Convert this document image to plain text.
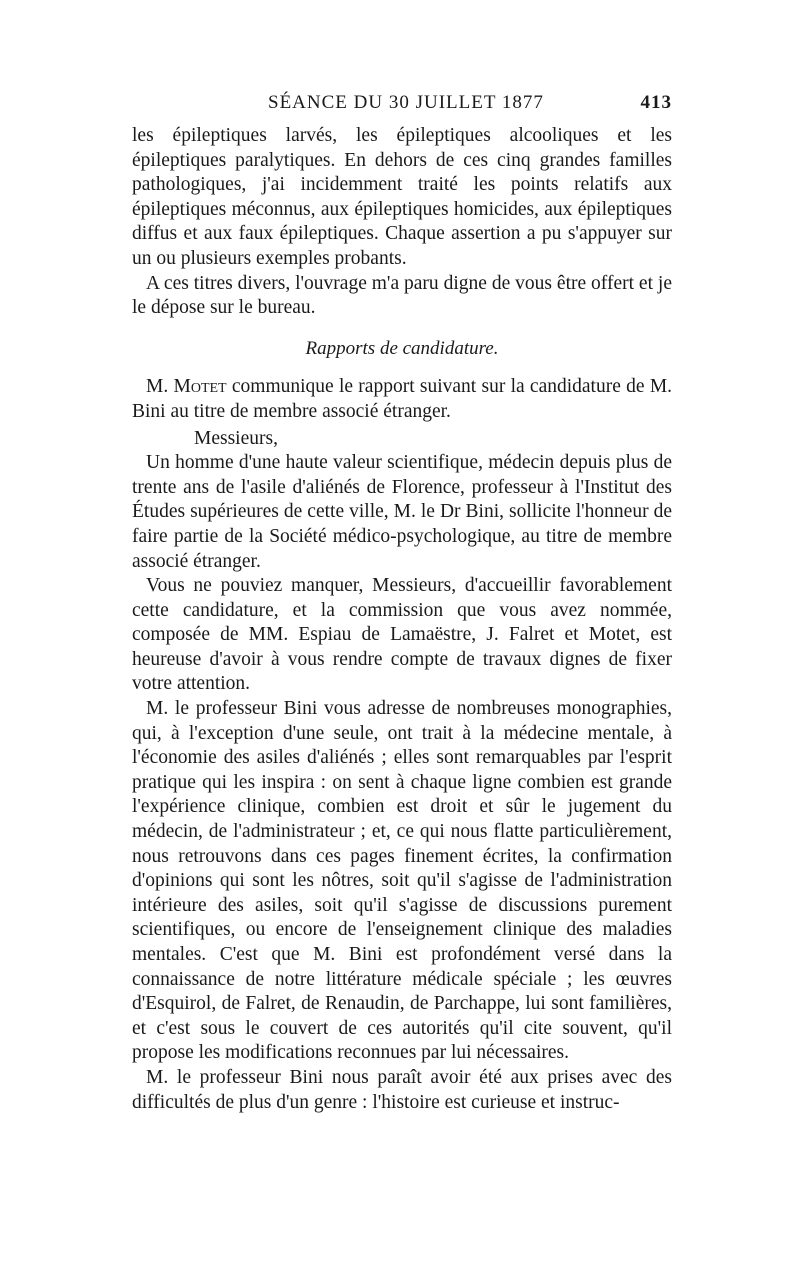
SÉANCE DU 30 JUILLET 1877	413

les épileptiques larvés, les épileptiques alcooliques et les épileptiques paralytiques. En dehors de ces cinq grandes familles pathologiques, j'ai incidemment traité les points relatifs aux épileptiques méconnus, aux épileptiques homicides, aux épileptiques diffus et aux faux épileptiques. Chaque assertion a pu s'appuyer sur un ou plusieurs exemples probants.

A ces titres divers, l'ouvrage m'a paru digne de vous être offert et je le dépose sur le bureau.

Rapports de candidature.

M. Motet communique le rapport suivant sur la candidature de M. Bini au titre de membre associé étranger.

Messieurs,

Un homme d'une haute valeur scientifique, médecin depuis plus de trente ans de l'asile d'aliénés de Florence, professeur à l'Institut des Études supérieures de cette ville, M. le Dr Bini, sollicite l'honneur de faire partie de la Société médico-psychologique, au titre de membre associé étranger.

Vous ne pouviez manquer, Messieurs, d'accueillir favorablement cette candidature, et la commission que vous avez nommée, composée de MM. Espiau de Lamaëstre, J. Falret et Motet, est heureuse d'avoir à vous rendre compte de travaux dignes de fixer votre attention.

M. le professeur Bini vous adresse de nombreuses monographies, qui, à l'exception d'une seule, ont trait à la médecine mentale, à l'économie des asiles d'aliénés ; elles sont remarquables par l'esprit pratique qui les inspira : on sent à chaque ligne combien est grande l'expérience clinique, combien est droit et sûr le jugement du médecin, de l'administrateur ; et, ce qui nous flatte particulièrement, nous retrouvons dans ces pages finement écrites, la confirmation d'opinions qui sont les nôtres, soit qu'il s'agisse de l'administration intérieure des asiles, soit qu'il s'agisse de discussions purement scientifiques, ou encore de l'enseignement clinique des maladies mentales. C'est que M. Bini est profondément versé dans la connaissance de notre littérature médicale spéciale ; les œuvres d'Esquirol, de Falret, de Renaudin, de Parchappe, lui sont familières, et c'est sous le couvert de ces autorités qu'il cite souvent, qu'il propose les modifications reconnues par lui nécessaires.

M. le professeur Bini nous paraît avoir été aux prises avec des difficultés de plus d'un genre : l'histoire est curieuse et instruc-
